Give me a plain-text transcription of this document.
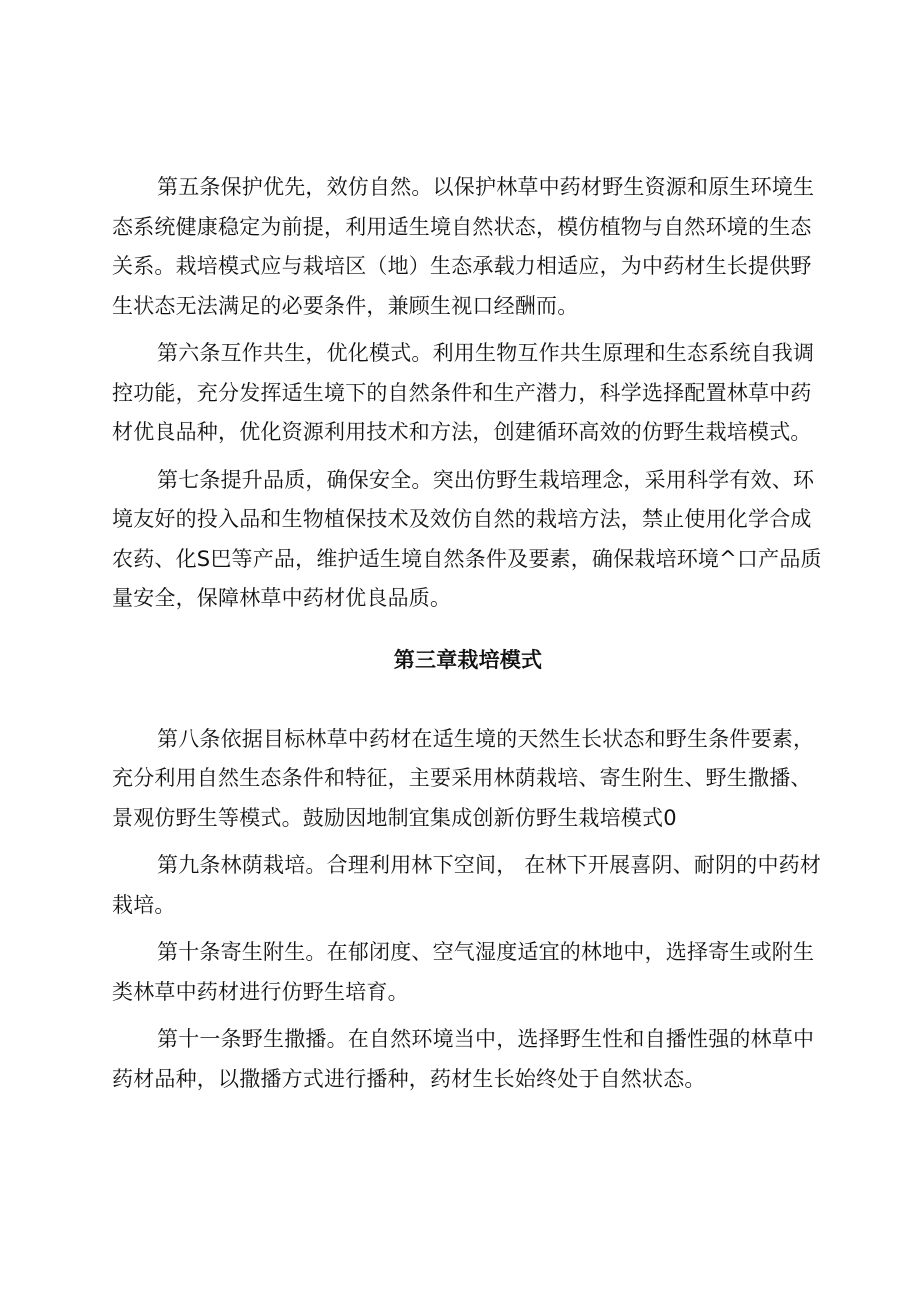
第五条保护优先，效仿自然。以保护林草中药材野生资源和原生环境生态系统健康稳定为前提，利用适生境自然状态，模仿植物与自然环境的生态关系。栽培模式应与栽培区（地）生态承载力相适应，为中药材生长提供野生状态无法满足的必要条件，兼顾生视口经酬而。

第六条互作共生，优化模式。利用生物互作共生原理和生态系统自我调控功能，充分发挥适生境下的自然条件和生产潜力，科学选择配置林草中药材优良品种，优化资源利用技术和方法，创建循环高效的仿野生栽培模式。

第七条提升品质，确保安全。突出仿野生栽培理念，采用科学有效、环境友好的投入品和生物植保技术及效仿自然的栽培方法，禁止使用化学合成农药、化S巴等产品，维护适生境自然条件及要素，确保栽培环境^口产品质量安全，保障林草中药材优良品质。

第三章栽培模式

第八条依据目标林草中药材在适生境的天然生长状态和野生条件要素，充分利用自然生态条件和特征，主要采用林荫栽培、寄生附生、野生撒播、景观仿野生等模式。鼓励因地制宜集成创新仿野生栽培模式0

第九条林荫栽培。合理利用林下空间， 在林下开展喜阴、耐阴的中药材栽培。

第十条寄生附生。在郁闭度、空气湿度适宜的林地中，选择寄生或附生类林草中药材进行仿野生培育。

第十一条野生撒播。在自然环境当中，选择野生性和自播性强的林草中药材品种，以撒播方式进行播种，药材生长始终处于自然状态。
